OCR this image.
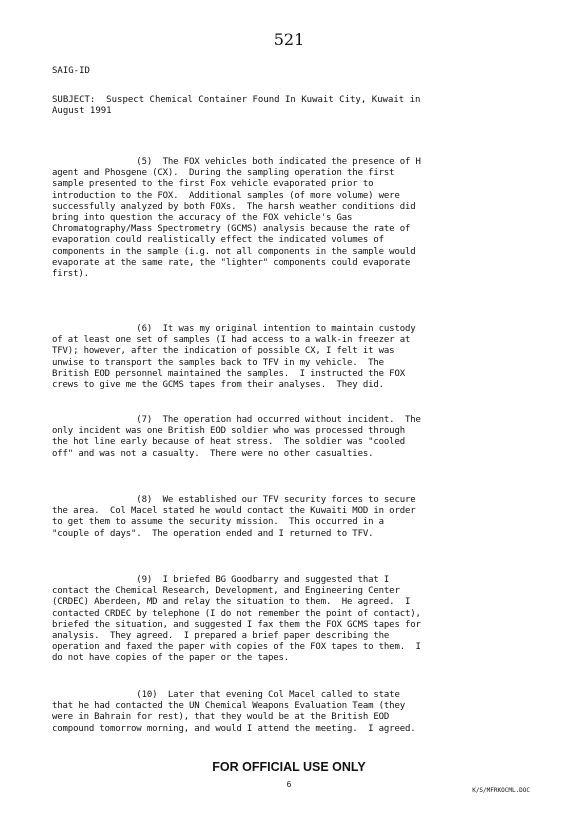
521
SAIG-ID
SUBJECT:  Suspect Chemical Container Found In Kuwait City, Kuwait in
August 1991
(5)  The FOX vehicles both indicated the presence of H
agent and Phosgene (CX).  During the sampling operation the first
sample presented to the first Fox vehicle evaporated prior to
introduction to the FOX.  Additional samples (of more volume) were
successfully analyzed by both FOXs.  The harsh weather conditions did
bring into question the accuracy of the FOX vehicle's Gas
Chromatography/Mass Spectrometry (GCMS) analysis because the rate of
evaporation could realistically effect the indicated volumes of
components in the sample (i.g. not all components in the sample would
evaporate at the same rate, the "lighter" components could evaporate
first).
(6)  It was my original intention to maintain custody
of at least one set of samples (I had access to a walk-in freezer at
TFV); however, after the indication of possible CX, I felt it was
unwise to transport the samples back to TFV in my vehicle.  The
British EOD personnel maintained the samples.  I instructed the FOX
crews to give me the GCMS tapes from their analyses.  They did.
(7)  The operation had occurred without incident.  The
only incident was one British EOD soldier who was processed through
the hot line early because of heat stress.  The soldier was "cooled
off" and was not a casualty.  There were no other casualties.
(8)  We established our TFV security forces to secure
the area.  Col Macel stated he would contact the Kuwaiti MOD in order
to get them to assume the security mission.  This occurred in a
"couple of days".  The operation ended and I returned to TFV.
(9)  I briefed BG Goodbarry and suggested that I
contact the Chemical Research, Development, and Engineering Center
(CRDEC) Aberdeen, MD and relay the situation to them.  He agreed.  I
contacted CRDEC by telephone (I do not remember the point of contact),
briefed the situation, and suggested I fax them the FOX GCMS tapes for
analysis.  They agreed.  I prepared a brief paper describing the
operation and faxed the paper with copies of the FOX tapes to them.  I
do not have copies of the paper or the tapes.
(10)  Later that evening Col Macel called to state
that he had contacted the UN Chemical Weapons Evaluation Team (they
were in Bahrain for rest), that they would be at the British EOD
compound tomorrow morning, and would I attend the meeting.  I agreed.
FOR OFFICIAL USE ONLY
6
K/S/MFRKOCML.DOC
